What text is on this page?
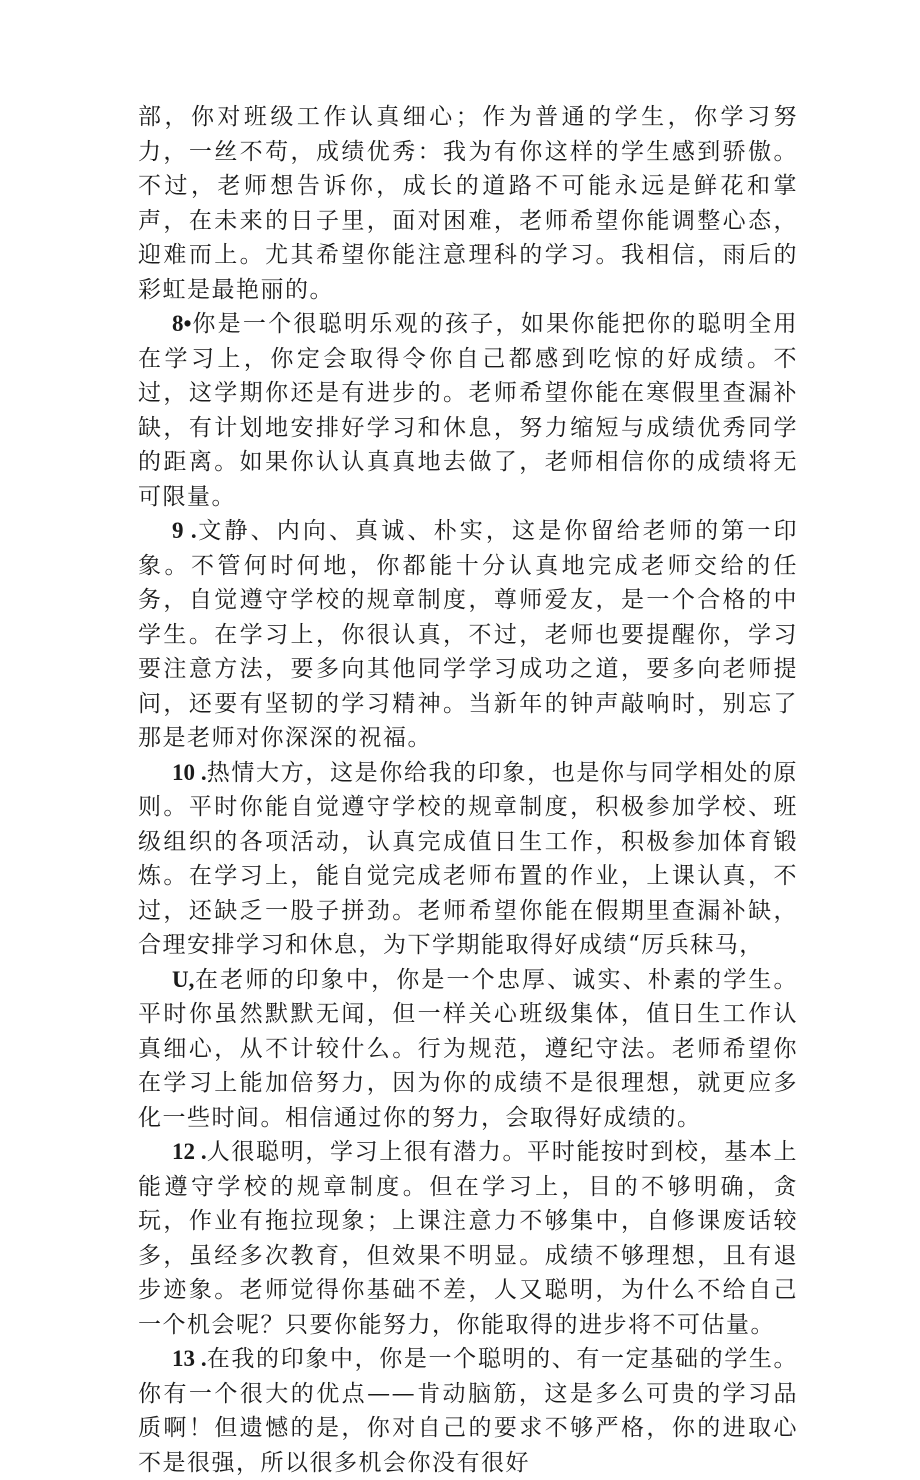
部，你对班级工作认真细心；作为普通的学生，你学习努力，一丝不苟，成绩优秀：我为有你这样的学生感到骄傲。不过，老师想告诉你，成长的道路不可能永远是鲜花和掌声，在未来的日子里，面对困难，老师希望你能调整心态，迎难而上。尤其希望你能注意理科的学习。我相信，雨后的彩虹是最艳丽的。

8•你是一个很聪明乐观的孩子，如果你能把你的聪明全用在学习上，你定会取得令你自己都感到吃惊的好成绩。不过，这学期你还是有进步的。老师希望你能在寒假里查漏补缺，有计划地安排好学习和休息，努力缩短与成绩优秀同学的距离。如果你认认真真地去做了，老师相信你的成绩将无可限量。

9 .文静、内向、真诚、朴实，这是你留给老师的第一印象。不管何时何地，你都能十分认真地完成老师交给的任务，自觉遵守学校的规章制度，尊师爱友，是一个合格的中学生。在学习上，你很认真，不过，老师也要提醒你，学习要注意方法，要多向其他同学学习成功之道，要多向老师提问，还要有坚韧的学习精神。当新年的钟声敲响时，别忘了那是老师对你深深的祝福。

10 .热情大方，这是你给我的印象，也是你与同学相处的原则。平时你能自觉遵守学校的规章制度，积极参加学校、班级组织的各项活动，认真完成值日生工作，积极参加体育锻炼。在学习上，能自觉完成老师布置的作业，上课认真，不过，还缺乏一股子拼劲。老师希望你能在假期里查漏补缺，合理安排学习和休息，为下学期能取得好成绩“厉兵秣马，

U,在老师的印象中，你是一个忠厚、诚实、朴素的学生。平时你虽然默默无闻，但一样关心班级集体，值日生工作认真细心，从不计较什么。行为规范，遵纪守法。老师希望你在学习上能加倍努力，因为你的成绩不是很理想，就更应多化一些时间。相信通过你的努力，会取得好成绩的。

12 .人很聪明，学习上很有潜力。平时能按时到校，基本上能遵守学校的规章制度。但在学习上，目的不够明确，贪玩，作业有拖拉现象；上课注意力不够集中，自修课废话较多，虽经多次教育，但效果不明显。成绩不够理想，且有退步迹象。老师觉得你基础不差，人又聪明，为什么不给自己一个机会呢？只要你能努力，你能取得的进步将不可估量。

13 .在我的印象中，你是一个聪明的、有一定基础的学生。你有一个很大的优点——肯动脑筋，这是多么可贵的学习品质啊！但遗憾的是，你对自己的要求不够严格，你的进取心不是很强，所以很多机会你没有很好
